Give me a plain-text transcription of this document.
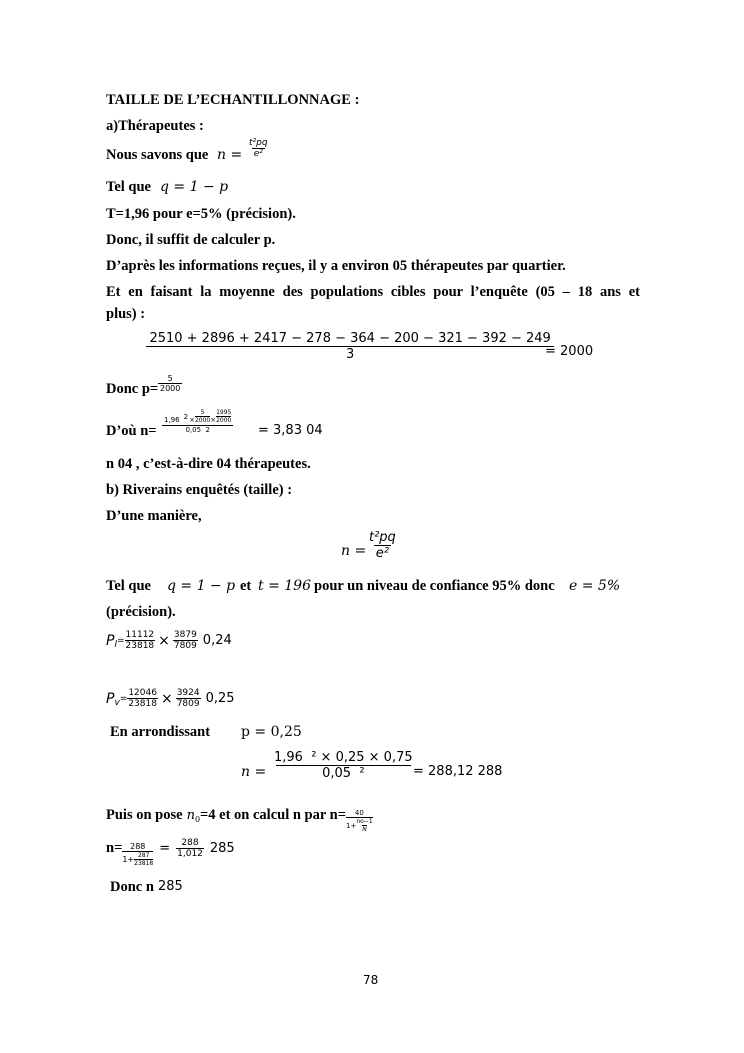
TAILLE DE L’ECHANTILLONNAGE :
a)Thérapeutes :
Nous savons que $n = \frac{\text{t²pq}}{\text{e²}}$
Tel que q = 1 − p
T=1,96 pour e=5% (précision).
Donc, il suffit de calculer p.
D’après les informations reçues, il y a environ 05 thérapeutes par quartier.
Et en faisant la moyenne des populations cibles pour l’enquête (05 – 18 ans et
plus) :
$\frac{2510 + 2896 + 2417 - 278 - 364 - 200 - 321 - 392 - 249}{3}$
= 2000
Donc $p= \frac{5}{2000}$
D’où n=
1,96 $2 \times \frac{5}{2000} \times \frac{1995}{2000}$
0,05  2	= 3,83 04
n 04 , c’est-à-dire 04 thérapeutes.
b) Riverains enquêtés (taille) :
D’une manière,
$n = \frac{\text{t²pq}}{\text{e²}}$
Tel que q = 1 − p et t = 196 pour un niveau de confiance 95% donc e = 5%
(précision).
P $l = \frac{11112}{23818} \times \frac{3879}{7809} 0,24$
P $v = \frac{12046}{23818} \times \frac{3924}{7809} 0,25$
En arrondissant p = 0,25
$n = \frac{\text{1,96  ² × 0,25 × 0,75}}{\text{0,05  ²}}$
= 288,12 288
Puis on pose n 0 =4 et on calcul n par $n= \frac{40}{1+ \frac{no-1}{N}}$
$n= \frac{288}{1+ \frac{287}{23818}} = \frac{288}{1,012} 285$
Donc n 285
78
